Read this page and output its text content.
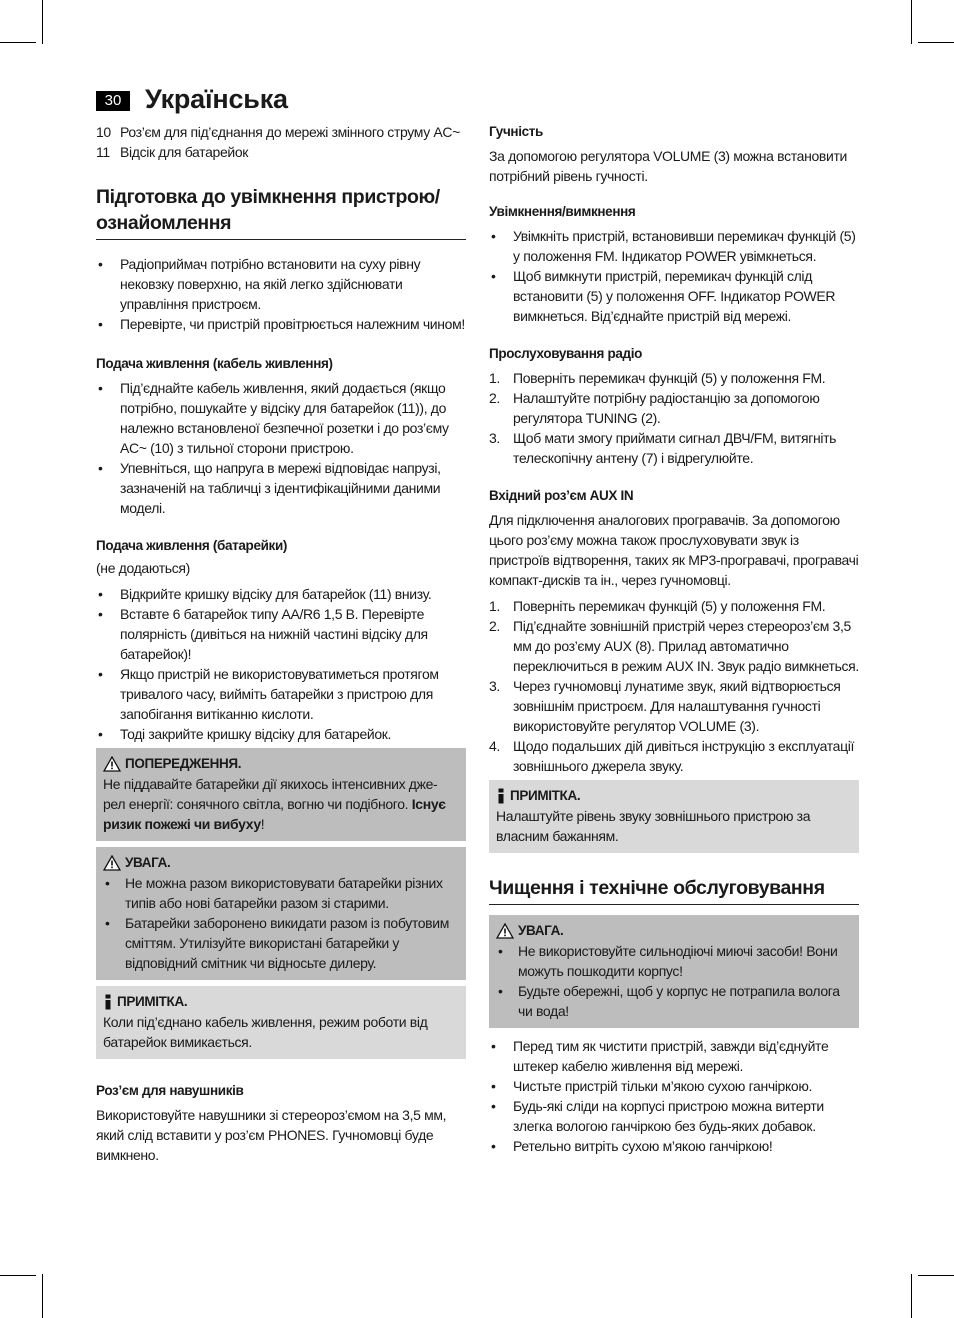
30 Українська
10 Роз’єм для під’єднання до мережі змінного струму AC~
11 Відсік для батарейок
Підготовка до увімкнення пристрою/ ознайомлення
• Радіоприймач потрібно встановити на суху рівну нековзку поверхню, на якій легко здійснювати управління пристроєм.
• Перевірте, чи пристрій провітрюється належним чином!
Подача живлення (кабель живлення)
• Під’єднайте кабель живлення, який додається (якщо потрібно, пошукайте у відсіку для батарейок (11)), до належно встановленої безпечної розетки і до роз’єму AC~ (10) з тильної сторони пристрою.
• Упевніться, що напруга в мережі відповідає напрузі, зазначеній на табличці з ідентифікаційними даними моделі.
Подача живлення (батарейки)

(не додаються)

• Відкрийте кришку відсіку для батарейок (11) внизу.
• Вставте 6 батарейок типу AA/R6 1,5 В. Перевірте полярність (дивіться на нижній частині відсіку для батарейок)!
• Якщо пристрій не використовуватиметься протягом тривалого часу, вийміть батарейки з пристрою для запобігання витіканню кислоти.
• Тоді закрийте кришку відсіку для батарейок.
ПОПЕРЕДЖЕННЯ.

Не піддавайте батарейки дії якихось інтенсивних дже-рел енергії: сонячного світла, вогню чи подібного. Існує ризик пожежі чи вибуху!

УВАГА.
• Не можна разом використовувати батарейки різних типів або нові батарейки разом зі старими.
• Батарейки заборонено викидати разом із побутовим сміттям. Утилізуйте використані батарейки у відповідний смітник чи відносьте дилеру.
ПРИМІТКА.

Коли під’єднано кабель живлення, режим роботи від батарейок вимикається.

Роз’єм для навушників

Використовуйте навушники зі стереороз’ємом на 3,5 мм, який слід вставити у роз’єм PHONES. Гучномовці буде вимкнено.

Гучність

За допомогою регулятора VOLUME (3) можна встановити потрібний рівень гучності.

Увімкнення/вимкнення
• Увімкніть пристрій, встановивши перемикач функцій (5) у положення FM. Індикатор POWER увімкнеться.
• Щоб вимкнути пристрій, перемикач функцій слід встановити (5) у положення OFF. Індикатор POWER вимкнеться. Від’єднайте пристрій від мережі.
Прослуховування радіо
1. Поверніть перемикач функцій (5) у положення FM.
2. Налаштуйте потрібну радіостанцію за допомогою регулятора TUNING (2).
3. Щоб мати змогу приймати сигнал ДВЧ/FM, витягніть телескопічну антену (7) і відрегулюйте.
Вхідний роз’єм AUX IN

Для підключення аналогових програвачів. За допомогою цього роз’єму можна також прослуховувати звук із пристроїв відтворення, таких як MP3-програвачі, програвачі компакт-дисків та ін., через гучномовці.

1. Поверніть перемикач функцій (5) у положення FM.
2. Під’єднайте зовнішній пристрій через стереороз’єм 3,5 мм до роз’єму AUX (8). Прилад автоматично переключиться в режим AUX IN. Звук радіо вимкнеться.
3. Через гучномовці лунатиме звук, який відтворюється зовнішнім пристроєм. Для налаштування гучності використовуйте регулятор VOLUME (3).
4. Щодо подальших дій дивіться інструкцію з експлуатації зовнішнього джерела звуку.
ПРИМІТКА.

Налаштуйте рівень звуку зовнішнього пристрою за власним бажанням.

Чищення і технічне обслуговування
УВАГА.
• Не використовуйте сильнодіючі миючі засоби! Вони можуть пошкодити корпус!
• Будьте обережні, щоб у корпус не потрапила волога чи вода!
• Перед тим як чистити пристрій, завжди від’єднуйте штекер кабелю живлення від мережі.
• Чистьте пристрій тільки м’якою сухою ганчіркою.
• Будь-які сліди на корпусі пристрою можна витерти злегка вологою ганчіркою без будь-яких добавок.
• Ретельно витріть сухою м’якою ганчіркою!
